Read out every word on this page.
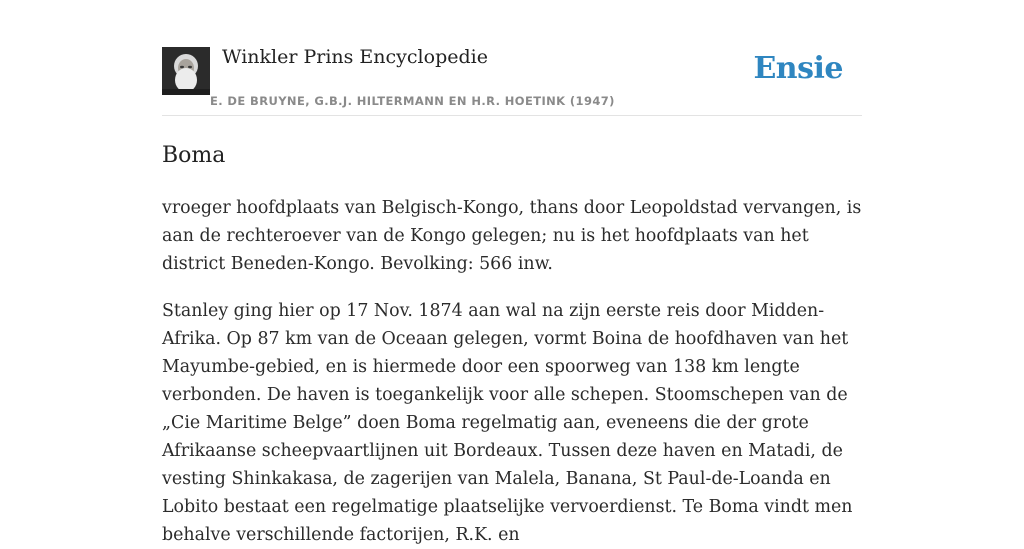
Winkler Prins Encyclopedie
E. DE BRUYNE, G.B.J. HILTERMANN EN H.R. HOETINK (1947)
Ensie
Boma

vroeger hoofdplaats van Belgisch-Kongo, thans door Leopoldstad vervangen, is aan de rechteroever van de Kongo gelegen; nu is het hoofdplaats van het district Beneden-Kongo. Bevolking: 566 inw.

Stanley ging hier op 17 Nov. 1874 aan wal na zijn eerste reis door Midden-Afrika. Op 87 km van de Oceaan gelegen, vormt Boina de hoofdhaven van het Mayumbe-gebied, en is hiermede door een spoorweg van 138 km lengte verbonden. De haven is toegankelijk voor alle schepen. Stoomschepen van de „Cie Maritime Belge” doen Boma regelmatig aan, eveneens die der grote Afrikaanse scheepvaartlijnen uit Bordeaux. Tussen deze haven en Matadi, de vesting Shinkakasa, de zagerijen van Malela, Banana, St Paul-de-Loanda en Lobito bestaat een regelmatige plaatselijke vervoerdienst. Te Boma vindt men behalve verschillende factorijen, R.K. en
